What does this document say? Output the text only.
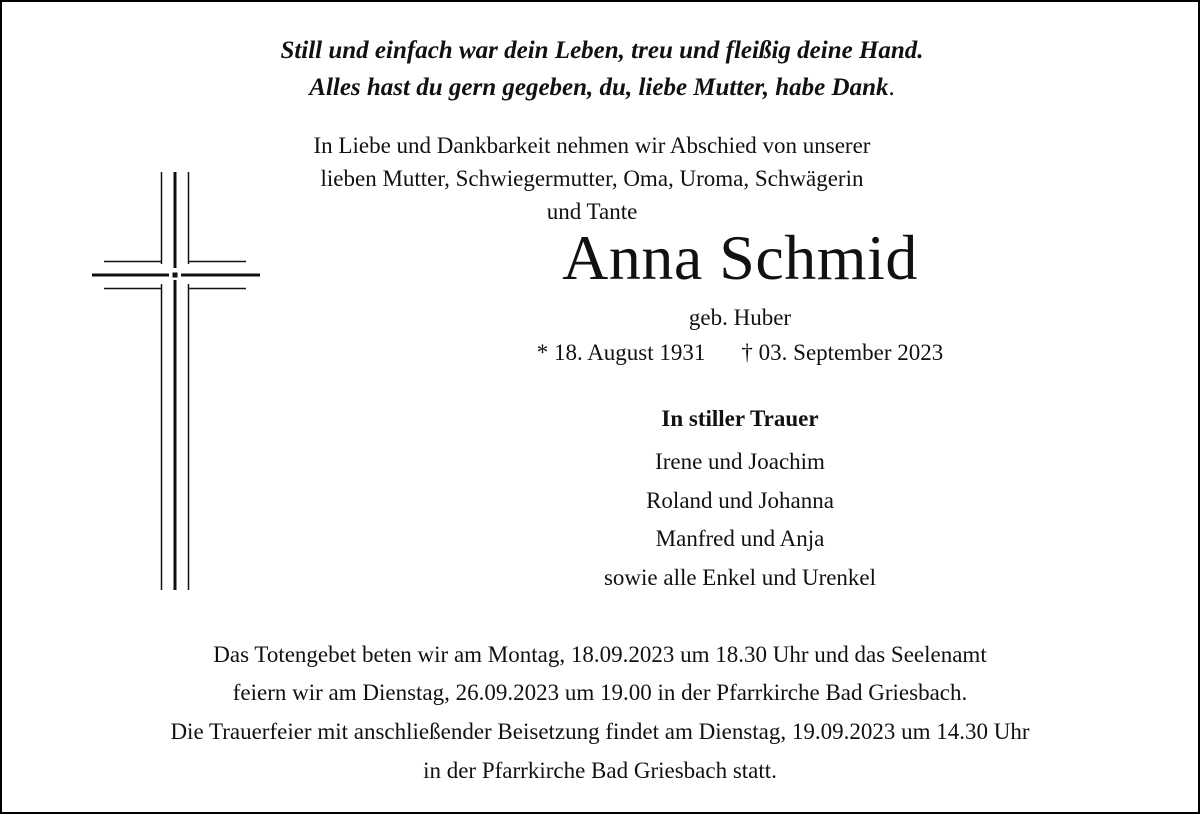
Still und einfach war dein Leben, treu und fleißig deine Hand.
Alles hast du gern gegeben, du, liebe Mutter, habe Dank.
In Liebe und Dankbarkeit nehmen wir Abschied von unserer
lieben Mutter, Schwiegermutter, Oma, Uroma, Schwägerin und Tante
Anna Schmid
geb. Huber
* 18. August 1931 † 03. September 2023
In stiller Trauer
Irene und Joachim
Roland und Johanna
Manfred und Anja
sowie alle Enkel und Urenkel
Das Totengebet beten wir am Montag, 18.09.2023 um 18.30 Uhr und das Seelenamt
feiern wir am Dienstag, 26.09.2023 um 19.00 in der Pfarrkirche Bad Griesbach.
Die Trauerfeier mit anschließender Beisetzung findet am Dienstag, 19.09.2023 um 14.30 Uhr
in der Pfarrkirche Bad Griesbach statt.
